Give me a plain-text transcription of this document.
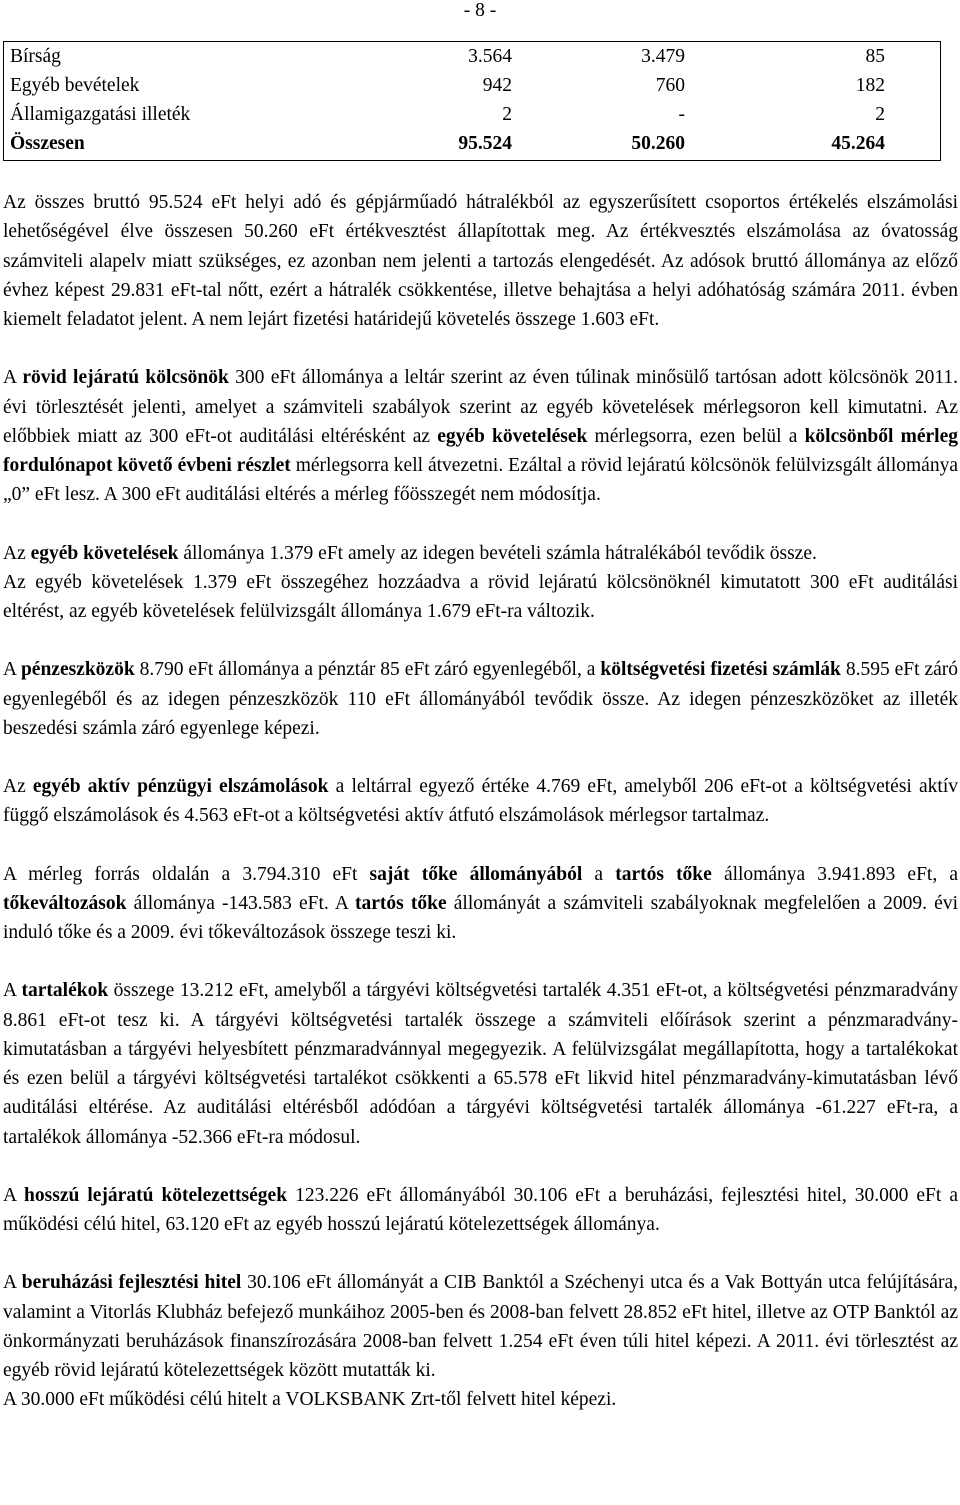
- 8 -
Bírság	3.564	3.479	85
Egyéb bevételek	942	760	182
Államigazgatási illeték	2	-	2
Összesen	95.524	50.260	45.264

Az összes bruttó 95.524 eFt helyi adó és gépjárműadó hátralékból az egyszerűsített csoportos értékelés elszámolási lehetőségével élve összesen 50.260 eFt értékvesztést állapítottak meg. Az értékvesztés elszámolása az óvatosság számviteli alapelv miatt szükséges, ez azonban nem jelenti a tartozás elengedését. Az adósok bruttó állománya az előző évhez képest 29.831 eFt-tal nőtt, ezért a hátralék csökkentése, illetve behajtása a helyi adóhatóság számára 2011. évben kiemelt feladatot jelent. A nem lejárt fizetési határidejű követelés összege 1.603 eFt.

A rövid lejáratú kölcsönök 300 eFt állománya a leltár szerint az éven túlinak minősülő tartósan adott kölcsönök 2011. évi törlesztését jelenti, amelyet a számviteli szabályok szerint az egyéb követelések mérlegsoron kell kimutatni. Az előbbiek miatt az 300 eFt-ot auditálási eltérésként az egyéb követelések mérlegsorra, ezen belül a kölcsönből mérleg fordulónapot követő évbeni részlet mérlegsorra kell átvezetni. Ezáltal a rövid lejáratú kölcsönök felülvizsgált állománya „0” eFt lesz. A 300 eFt auditálási eltérés a mérleg főösszegét nem módosítja.

Az egyéb követelések állománya 1.379 eFt amely az idegen bevételi számla hátralékából tevődik össze.

Az egyéb követelések 1.379 eFt összegéhez hozzáadva a rövid lejáratú kölcsönöknél kimutatott 300 eFt auditálási eltérést, az egyéb követelések felülvizsgált állománya 1.679 eFt-ra változik.

A pénzeszközök 8.790 eFt állománya a pénztár 85 eFt záró egyenlegéből, a költségvetési fizetési számlák 8.595 eFt záró egyenlegéből és az idegen pénzeszközök 110 eFt állományából tevődik össze. Az idegen pénzeszközöket az illeték beszedési számla záró egyenlege képezi.

Az egyéb aktív pénzügyi elszámolások a leltárral egyező értéke 4.769 eFt, amelyből 206 eFt-ot a költségvetési aktív függő elszámolások és 4.563 eFt-ot a költségvetési aktív átfutó elszámolások mérlegsor tartalmaz.

A mérleg forrás oldalán a 3.794.310 eFt saját tőke állományából a tartós tőke állománya 3.941.893 eFt, a tőkeváltozások állománya -143.583 eFt. A tartós tőke állományát a számviteli szabályoknak megfelelően a 2009. évi induló tőke és a 2009. évi tőkeváltozások összege teszi ki.

A tartalékok összege 13.212 eFt, amelyből a tárgyévi költségvetési tartalék 4.351 eFt-ot, a költségvetési pénzmaradvány 8.861 eFt-ot tesz ki. A tárgyévi költségvetési tartalék összege a számviteli előírások szerint a pénzmaradvány-kimutatásban a tárgyévi helyesbített pénzmaradvánnyal megegyezik. A felülvizsgálat megállapította, hogy a tartalékokat és ezen belül a tárgyévi költségvetési tartalékot csökkenti a 65.578 eFt likvid hitel pénzmaradvány-kimutatásban lévő auditálási eltérése. Az auditálási eltérésből adódóan a tárgyévi költségvetési tartalék állománya -61.227 eFt-ra, a tartalékok állománya -52.366 eFt-ra módosul.

A hosszú lejáratú kötelezettségek 123.226 eFt állományából 30.106 eFt a beruházási, fejlesztési hitel, 30.000 eFt a működési célú hitel, 63.120 eFt az egyéb hosszú lejáratú kötelezettségek állománya.

A beruházási fejlesztési hitel 30.106 eFt állományát a CIB Banktól a Széchenyi utca és a Vak Bottyán utca felújítására, valamint a Vitorlás Klubház befejező munkáihoz 2005-ben és 2008-ban felvett 28.852 eFt hitel, illetve az OTP Banktól az önkormányzati beruházások finanszírozására 2008-ban felvett 1.254 eFt éven túli hitel képezi. A 2011. évi törlesztést az egyéb rövid lejáratú kötelezettségek között mutatták ki.

A 30.000 eFt működési célú hitelt a VOLKSBANK Zrt-től felvett hitel képezi.
